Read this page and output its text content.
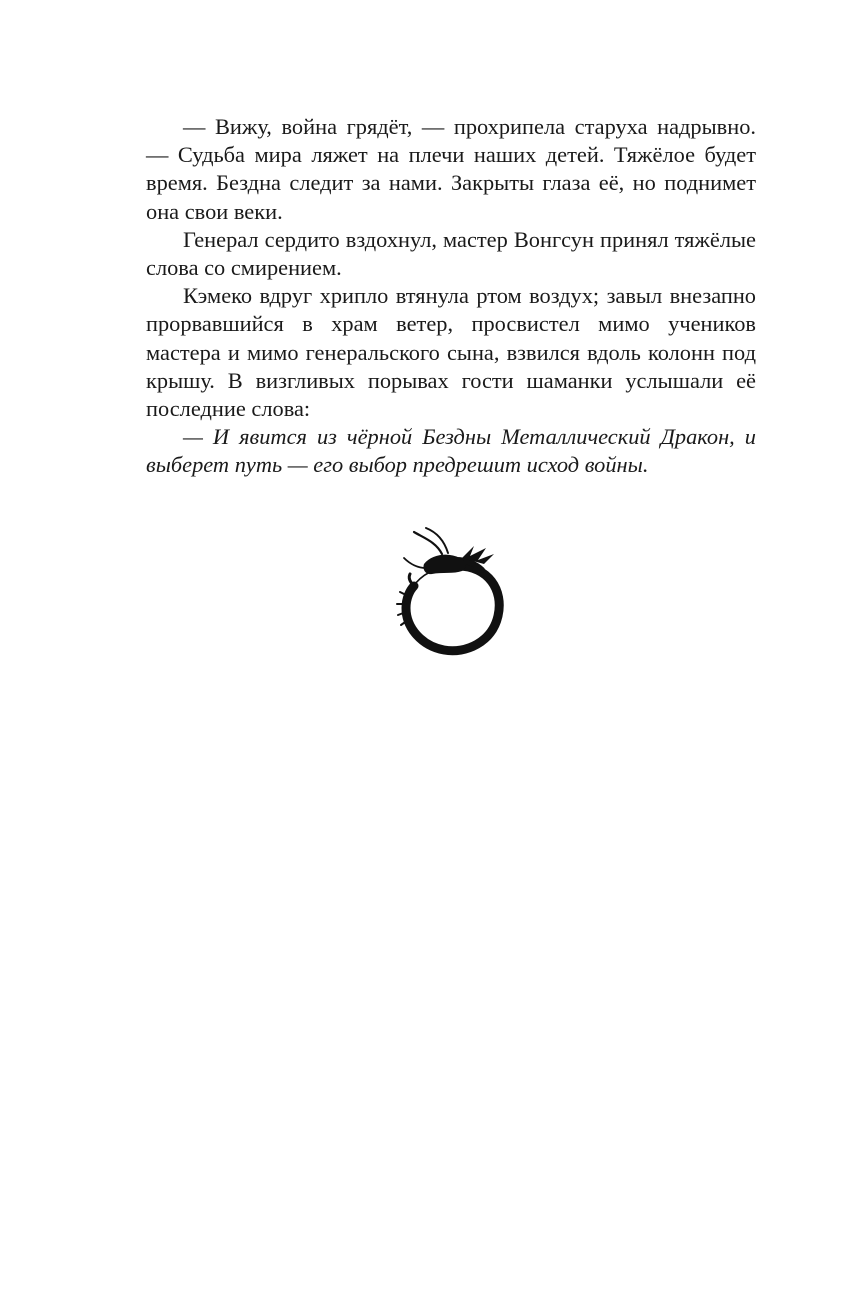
— Вижу, война грядёт, — прохрипела старуха надрывно. — Судьба мира ляжет на плечи наших детей. Тяжёлое будет время. Бездна следит за нами. Закрыты глаза её, но поднимет она свои веки.

Генерал сердито вздохнул, мастер Вонгсун принял тяжёлые слова со смирением.

Кэмеко вдруг хрипло втянула ртом воздух; завыл внезапно прорвавшийся в храм ветер, просвистел мимо учеников мастера и мимо генеральского сына, взвился вдоль колонн под крышу. В визгливых порывах гости шаманки услышали её последние слова:

— И явится из чёрной Бездны Металлический Дракон, и выберет путь — его выбор предрешит исход войны.
